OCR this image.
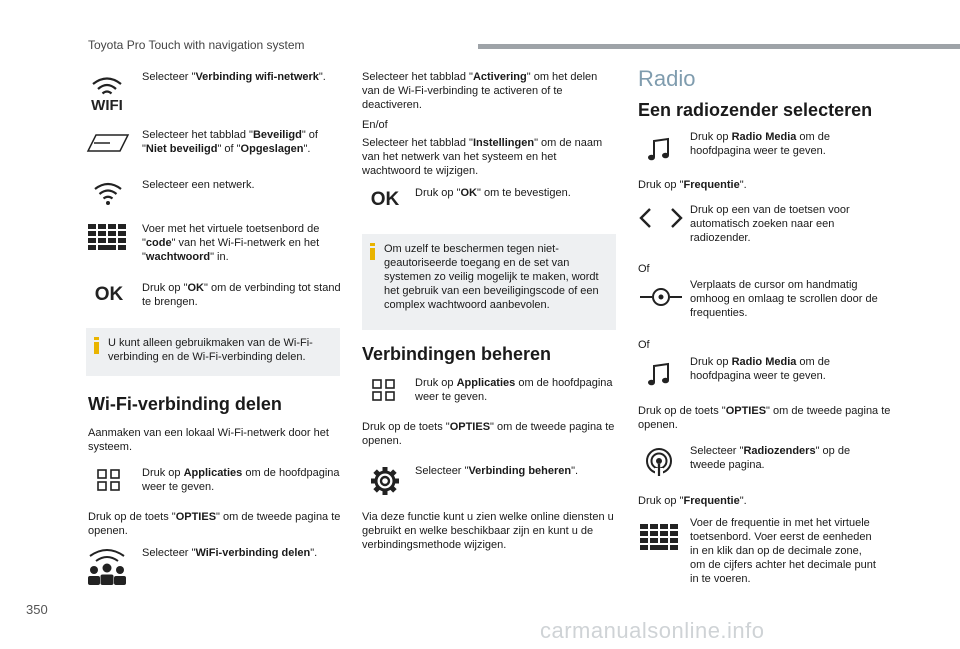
Toyota Pro Touch with navigation system
WIFI
Selecteer "Verbinding wifi-netwerk".
Selecteer het tabblad "Beveiligd" of "Niet beveiligd" of "Opgeslagen".
Selecteer een netwerk.
Voer met het virtuele toetsenbord de "code" van het Wi-Fi-netwerk en het "wachtwoord" in.
OK Druk op "OK" om de verbinding tot stand te brengen.
U kunt alleen gebruikmaken van de Wi-Fi-verbinding en de Wi-Fi-verbinding delen.
Wi-Fi-verbinding delen
Aanmaken van een lokaal Wi-Fi-netwerk door het systeem.
Druk op Applicaties om de hoofdpagina weer te geven.
Druk op de toets "OPTIES" om de tweede pagina te openen.
Selecteer "WiFi-verbinding delen".
Selecteer het tabblad "Activering" om het delen van de Wi-Fi-verbinding te activeren of te deactiveren.
En/of
Selecteer het tabblad "Instellingen" om de naam van het netwerk van het systeem en het wachtwoord te wijzigen.
OK Druk op "OK" om te bevestigen.
Om uzelf te beschermen tegen niet-geautoriseerde toegang en de set van systemen zo veilig mogelijk te maken, wordt het gebruik van een beveiligingscode of een complex wachtwoord aanbevolen.
Verbindingen beheren
Druk op Applicaties om de hoofdpagina weer te geven.
Druk op de toets "OPTIES" om de tweede pagina te openen.
Selecteer "Verbinding beheren".
Via deze functie kunt u zien welke online diensten u gebruikt en welke beschikbaar zijn en kunt u de verbindingsmethode wijzigen.
Radio
Een radiozender selecteren
Druk op Radio Media om de hoofdpagina weer te geven.
Druk op "Frequentie".
Druk op een van de toetsen voor automatisch zoeken naar een radiozender.
Of
Verplaats de cursor om handmatig omhoog en omlaag te scrollen door de frequenties.
Of
Druk op Radio Media om de hoofdpagina weer te geven.
Druk op de toets "OPTIES" om de tweede pagina te openen.
Selecteer "Radiozenders" op de tweede pagina.
Druk op "Frequentie".
Voer de frequentie in met het virtuele toetsenbord. Voer eerst de eenheden in en klik dan op de decimale zone, om de cijfers achter het decimale punt in te voeren.
350
carmanualsonline.info
